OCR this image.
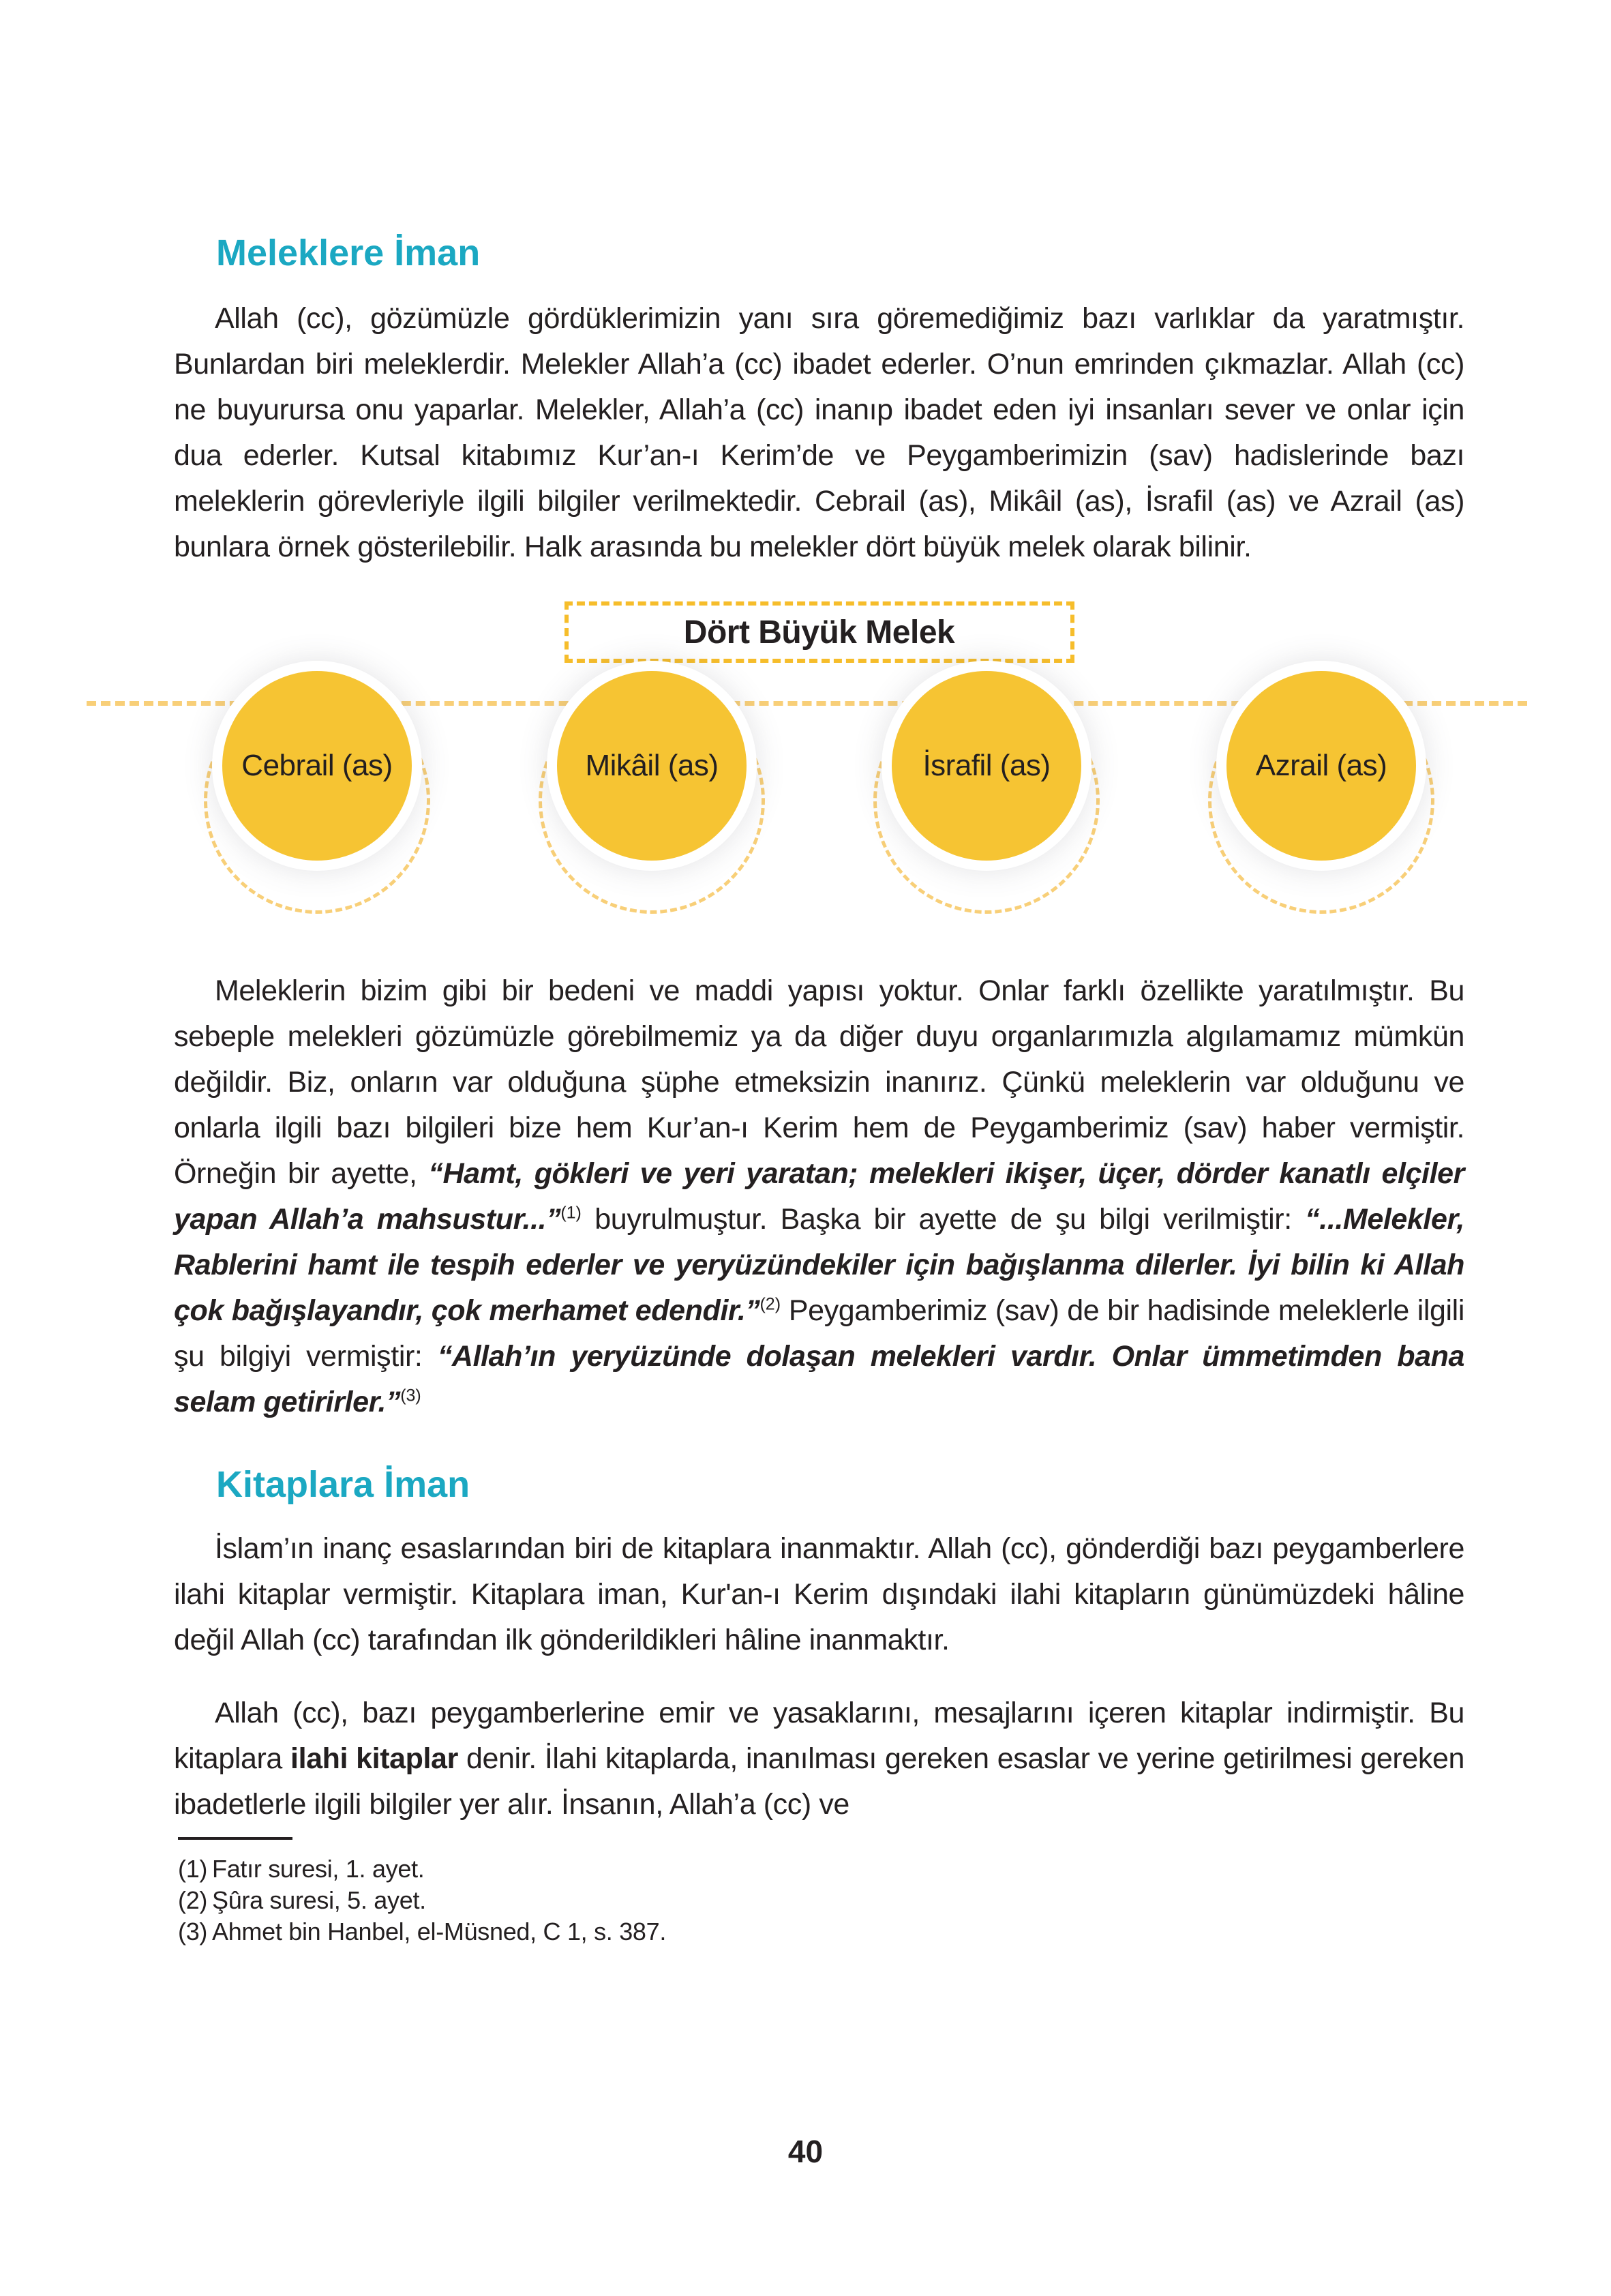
Meleklere İman

Allah (cc), gözümüzle gördüklerimizin yanı sıra göremediğimiz bazı varlıklar da yaratmıştır. Bunlardan biri meleklerdir. Melekler Allah’a (cc) ibadet ederler. O’nun emrinden çıkmazlar. Allah (cc) ne buyurursa onu yaparlar. Melekler, Allah’a (cc) inanıp ibadet eden iyi insanları sever ve onlar için dua ederler. Kutsal kitabımız Kur’an-ı Kerim’de ve Peygamberimizin (sav) hadislerinde bazı meleklerin görevleriyle ilgili bilgiler verilmektedir. Cebrail (as), Mikâil (as), İsrafil (as) ve Azrail (as) bunlara örnek gösterilebilir. Halk arasında bu melekler dört büyük melek olarak bilinir.

Dört Büyük Melek
Cebrail (as)	Mikâil (as)	İsrafil (as)	Azrail (as)

Meleklerin bizim gibi bir bedeni ve maddi yapısı yoktur. Onlar farklı özellikte yaratılmıştır. Bu sebeple melekleri gözümüzle görebilmemiz ya da diğer duyu organlarımızla algılamamız mümkün değildir. Biz, onların var olduğuna şüphe etmeksizin inanırız. Çünkü meleklerin var olduğunu ve onlarla ilgili bazı bilgileri bize hem Kur’an-ı Kerim hem de Peygamberimiz (sav) haber vermiştir. Örneğin bir ayette, “Hamt, gökleri ve yeri yaratan; melekleri ikişer, üçer, dörder kanatlı elçiler yapan Allah’a mahsustur...”$^{(1)}$ buyrulmuştur. Başka bir ayette de şu bilgi verilmiştir: “...Melekler, Rablerini hamt ile tespih ederler ve yeryüzündekiler için bağışlanma dilerler. İyi bilin ki Allah çok bağışlayandır, çok merhamet edendir.”$^{(2)}$ Peygamberimiz (sav) de bir hadisinde meleklerle ilgili şu bilgiyi vermiştir: “Allah’ın yeryüzünde dolaşan melekleri vardır. Onlar ümmetimden bana selam getirirler.”$^{(3)}$

Kitaplara İman

İslam’ın inanç esaslarından biri de kitaplara inanmaktır. Allah (cc), gönderdiği bazı peygamberlere ilahi kitaplar vermiştir. Kitaplara iman, Kur'an-ı Kerim dışındaki ilahi kitapların günümüzdeki hâline değil Allah (cc) tarafından ilk gönderildikleri hâline inanmaktır.

Allah (cc), bazı peygamberlerine emir ve yasaklarını, mesajlarını içeren kitaplar indirmiştir. Bu kitaplara ilahi kitaplar denir. İlahi kitaplarda, inanılması gereken esaslar ve yerine getirilmesi gereken ibadetlerle ilgili bilgiler yer alır. İnsanın, Allah’a (cc) ve

(1) Fatır suresi, 1. ayet.
(2) Şûra suresi, 5. ayet.
(3) Ahmet bin Hanbel, el-Müsned, C 1, s. 387.
40
